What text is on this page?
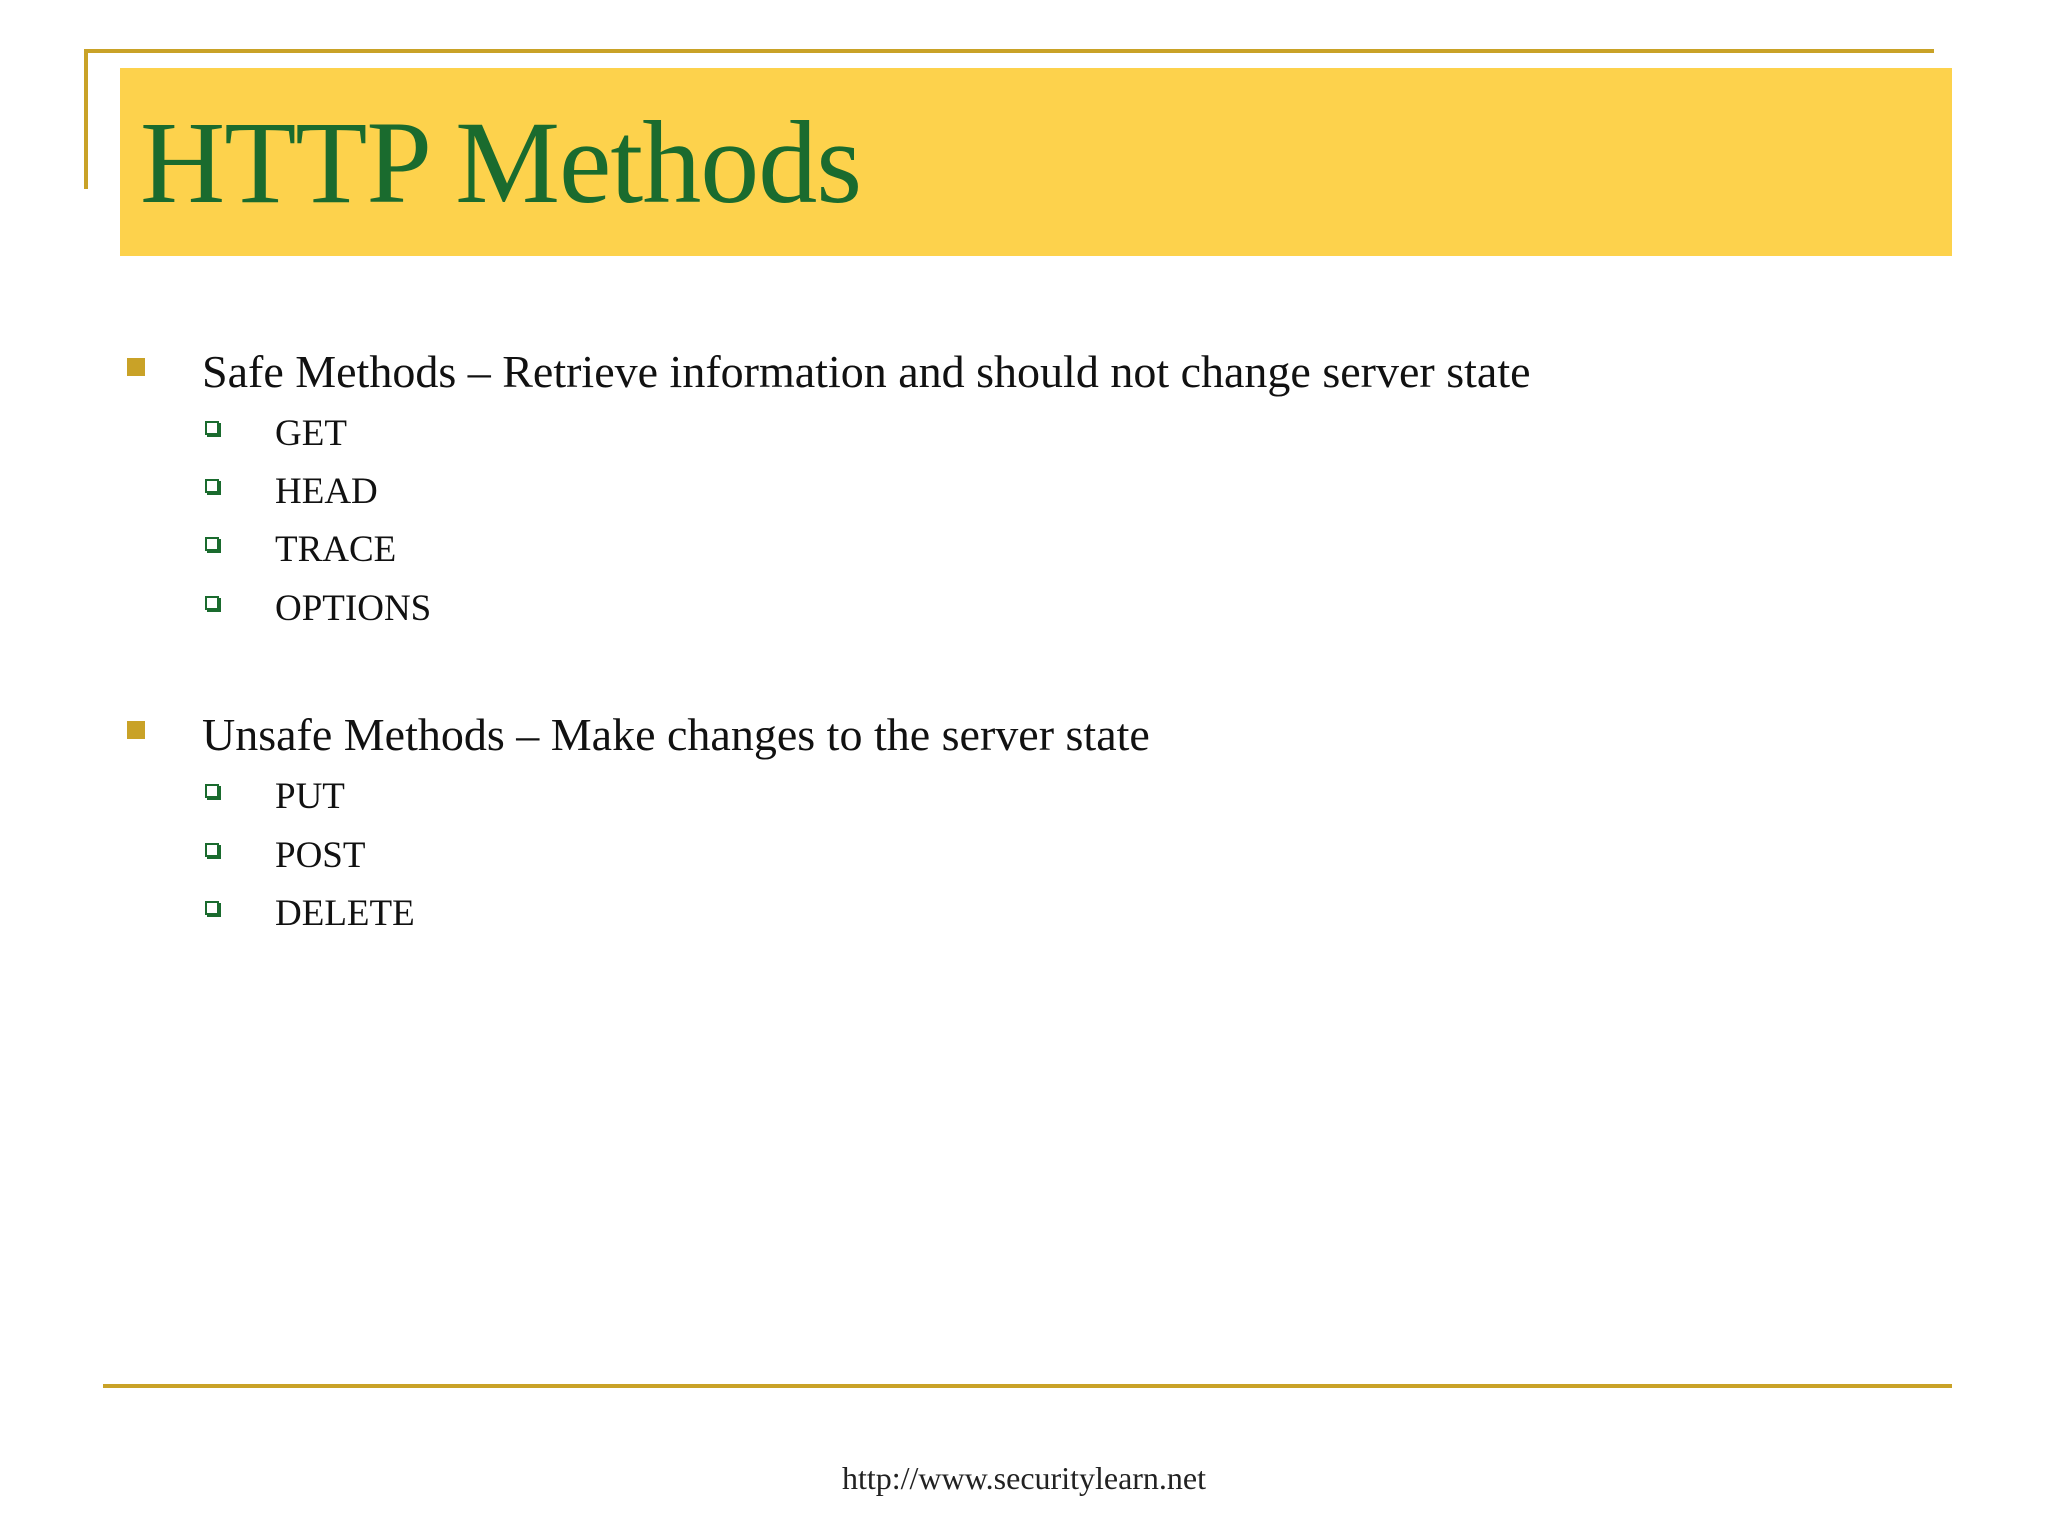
HTTP Methods
Safe Methods – Retrieve information and should not change server state
GET
HEAD
TRACE
OPTIONS
Unsafe Methods – Make changes to the server state
PUT
POST
DELETE
http://www.securitylearn.net
